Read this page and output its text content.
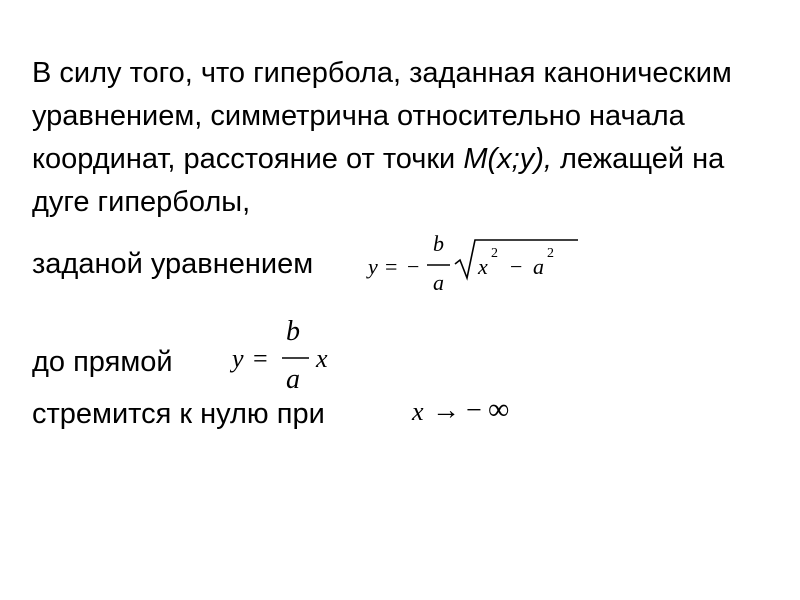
В силу того, что гипербола, заданная каноническим уравнением, симметрична относительно начала координат, расстояние от точки M(x;y), лежащей на дуге гиперболы,
заданой уравнением y = −
b
a
x
2
− a
2
до прямой y =
b
a
x
стремится к нулю при	x → − ∞
